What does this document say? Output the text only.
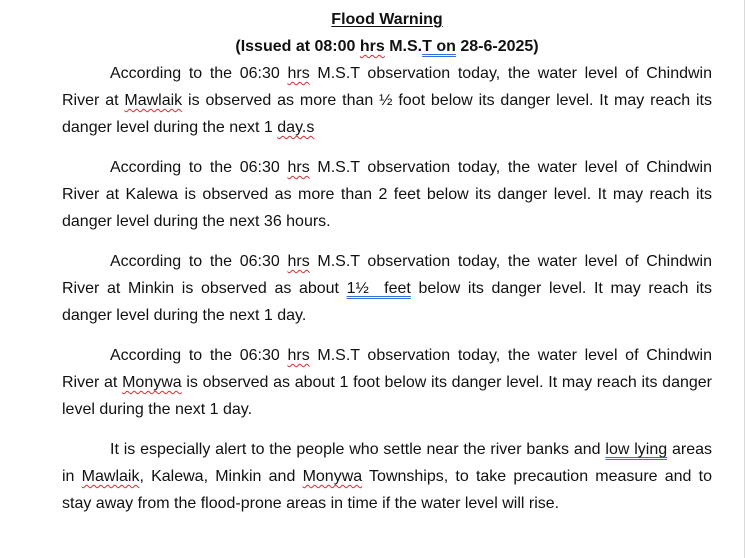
Flood Warning
(Issued at 08:00 hrs M.S.T on 28-6-2025)

According to the 06:30 hrs M.S.T observation today, the water level of Chindwin River at Mawlaik is observed as more than ½ foot below its danger level. It may reach its danger level during the next 1 day.s

According to the 06:30 hrs M.S.T observation today, the water level of Chindwin River at Kalewa is observed as more than 2 feet below its danger level. It may reach its danger level during the next 36 hours.

According to the 06:30 hrs M.S.T observation today, the water level of Chindwin River at Minkin is observed as about 1½  feet below its danger level. It may reach its danger level during the next 1 day.

According to the 06:30 hrs M.S.T observation today, the water level of Chindwin River at Monywa is observed as about 1 foot below its danger level. It may reach its danger level during the next 1 day.

It is especially alert to the people who settle near the river banks and low lying areas in Mawlaik, Kalewa, Minkin and Monywa Townships, to take precaution measure and to stay away from the flood-prone areas in time if the water level will rise.
